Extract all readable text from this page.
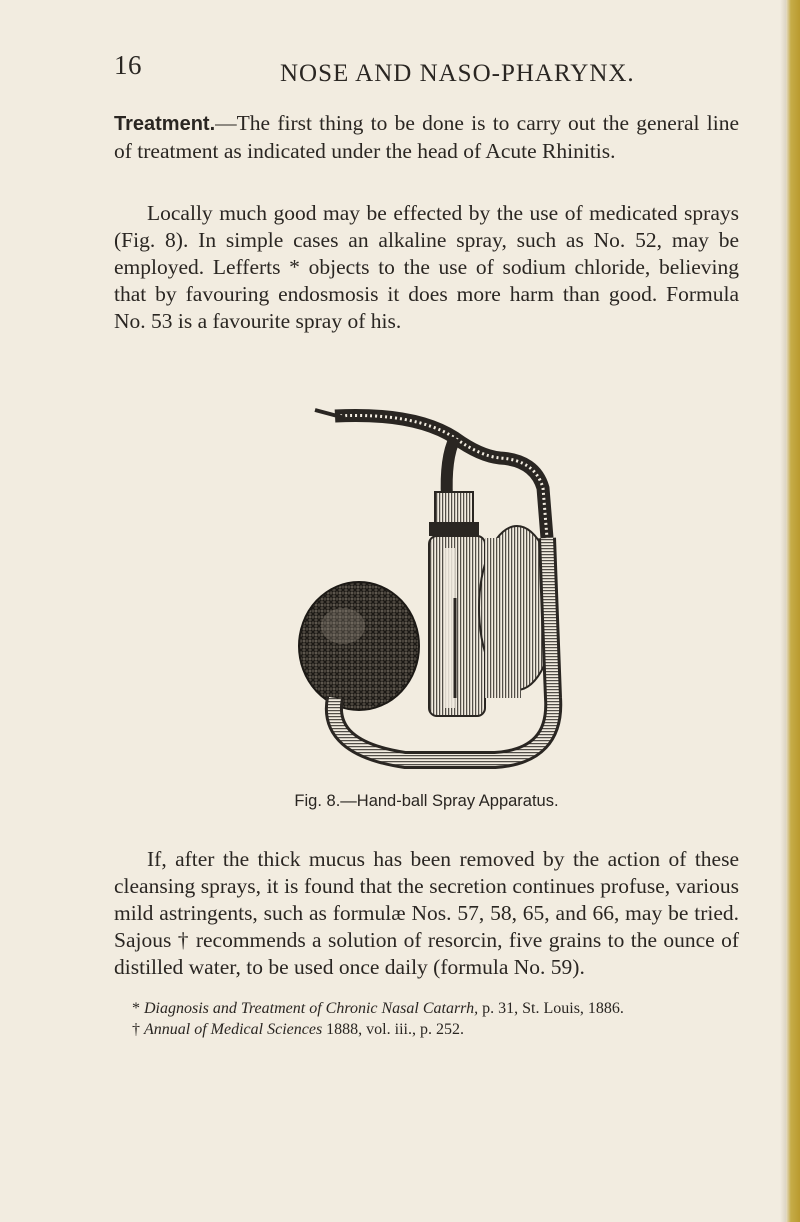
16	NOSE AND NASO-PHARYNX.
Treatment.—The first thing to be done is to carry out the general line of treatment as indicated under the head of Acute Rhinitis.
Locally much good may be effected by the use of medicated sprays (Fig. 8). In simple cases an alkaline spray, such as No. 52, may be employed. Lefferts * objects to the use of sodium chloride, believing that by favouring endosmosis it does more harm than good. Formula No. 53 is a favourite spray of his.
Fig. 8.—Hand-ball Spray Apparatus.
If, after the thick mucus has been removed by the action of these cleansing sprays, it is found that the secretion continues profuse, various mild astringents, such as formulæ Nos. 57, 58, 65, and 66, may be tried. Sajous † recommends a solution of resorcin, five grains to the ounce of distilled water, to be used once daily (formula No. 59).
* Diagnosis and Treatment of Chronic Nasal Catarrh, p. 31, St. Louis, 1886.
† Annual of Medical Sciences 1888, vol. iii., p. 252.
